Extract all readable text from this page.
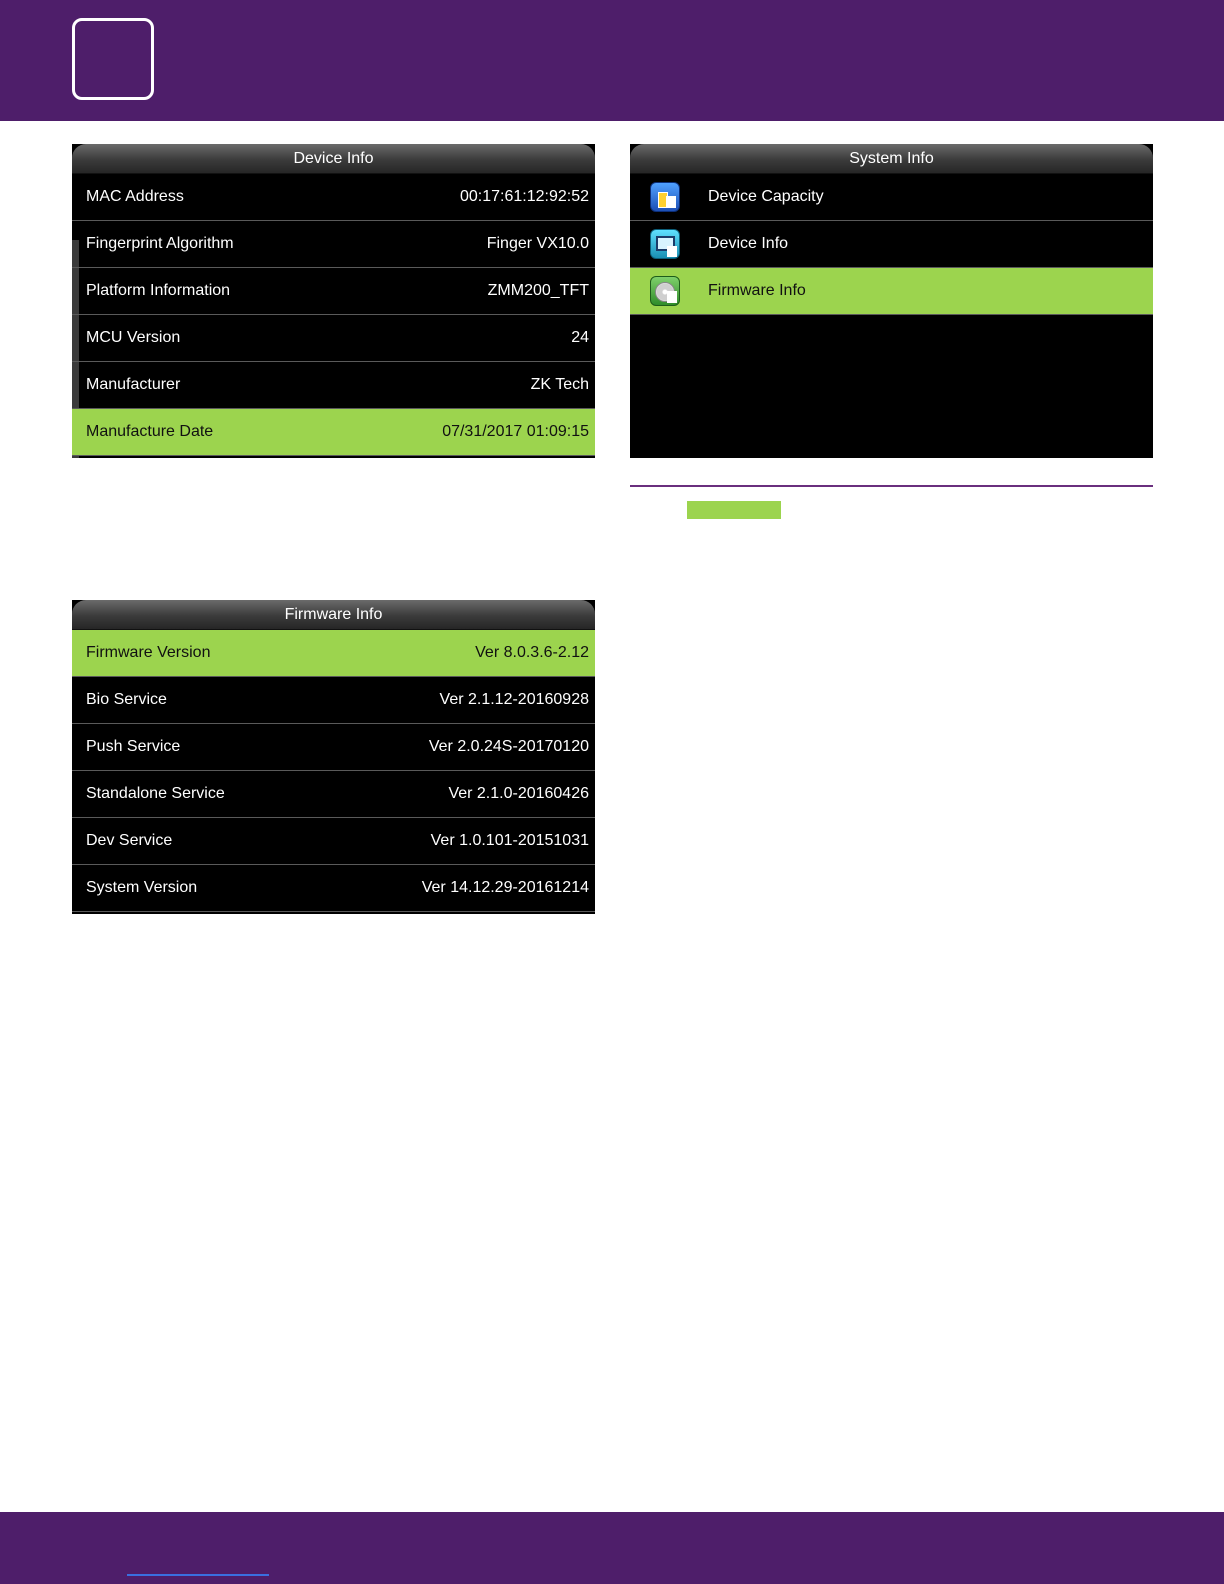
Device Info
MAC Address	00:17:61:12:92:52
Fingerprint Algorithm	Finger VX10.0
Platform Information	ZMM200_TFT
MCU Version	24
Manufacturer	ZK Tech
Manufacture Date	07/31/2017 01:09:15
System Info
Device Capacity
Device Info
Firmware Info
Firmware Info
Firmware Version	Ver 8.0.3.6-2.12
Bio Service	Ver 2.1.12-20160928
Push Service	Ver 2.0.24S-20170120
Standalone Service	Ver 2.1.0-20160426
Dev Service	Ver 1.0.101-20151031
System Version	Ver 14.12.29-20161214
